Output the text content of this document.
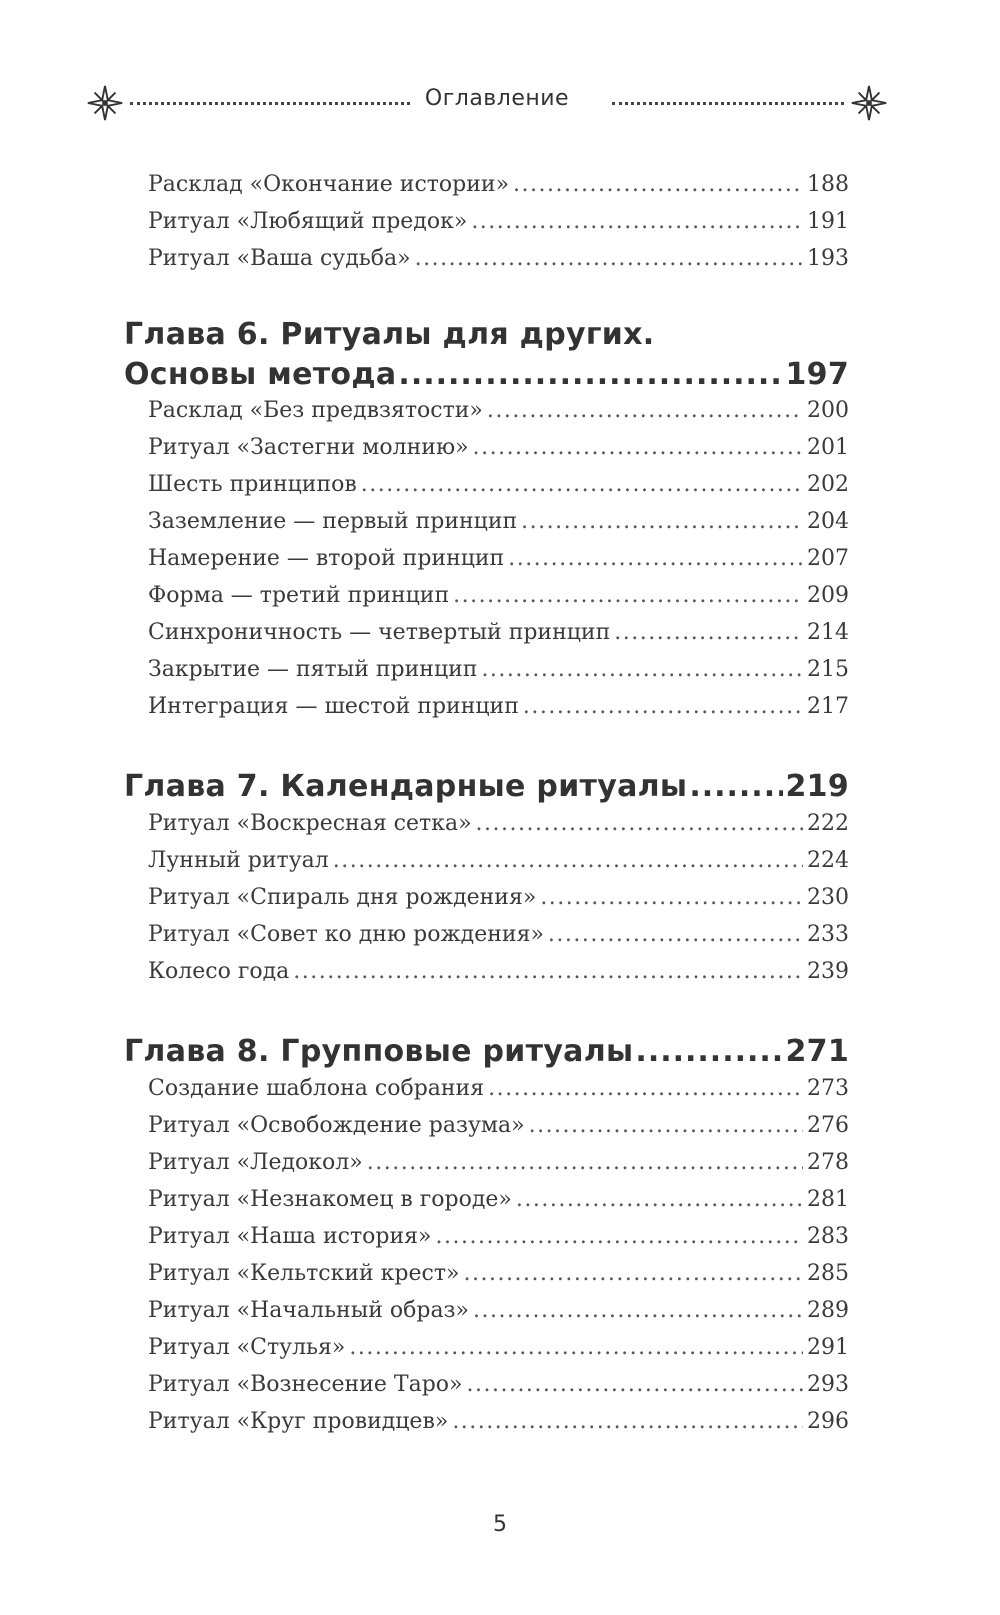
Оглавление
Расклад «Окончание истории» .....	188
Ритуал «Любящий предок» .....	191
Ритуал «Ваша судьба» .....	193
Глава 6. Ритуалы для других.
Основы метода .....	197
Расклад «Без предвзятости» .....	200
Ритуал «Застегни молнию» .....	201
Шесть принципов .....	202
Заземление — первый принцип .....	204
Намерение — второй принцип .....	207
Форма — третий принцип .....	209
Синхроничность — четвертый принцип .....	214
Закрытие — пятый принцип .....	215
Интеграция — шестой принцип .....	217
Глава 7. Календарные ритуалы .....	219
Ритуал «Воскресная сетка» .....	222
Лунный ритуал .....	224
Ритуал «Спираль дня рождения» .....	230
Ритуал «Совет ко дню рождения» .....	233
Колесо года .....	239
Глава 8. Групповые ритуалы .....	271
Создание шаблона собрания .....	273
Ритуал «Освобождение разума» .....	276
Ритуал «Ледокол» .....	278
Ритуал «Незнакомец в городе» .....	281
Ритуал «Наша история» .....	283
Ритуал «Кельтский крест» .....	285
Ритуал «Начальный образ» .....	289
Ритуал «Стулья» .....	291
Ритуал «Вознесение Таро» .....	293
Ритуал «Круг провидцев» .....	296
5
